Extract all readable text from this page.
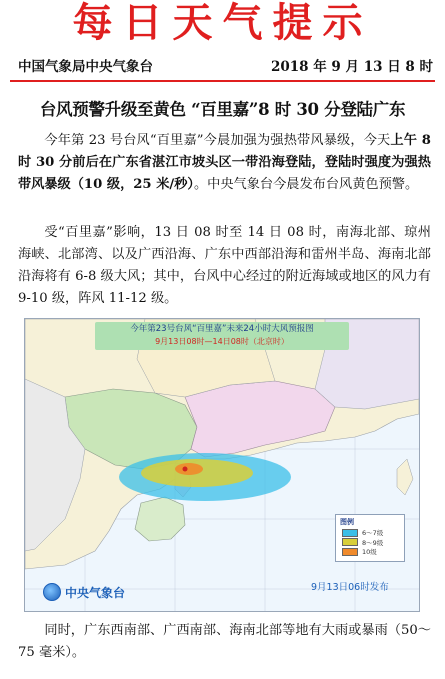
每日天气提示
中国气象局中央气象台	2018 年 9 月 13 日 8 时
台风预警升级至黄色 “百里嘉”8 时 30 分登陆广东

今年第 23 号台风“百里嘉”今晨加强为强热带风暴级，今天上午 8 时 30 分前后在广东省湛江市坡头区一带沿海登陆，登陆时强度为强热带风暴级（10 级，25 米/秒）。中央气象台今晨发布台风黄色预警。

受“百里嘉”影响，13 日 08 时至 14 日 08 时，南海北部、琼州海峡、北部湾、以及广西沿海、广东中西部沿海和雷州半岛、海南北部沿海将有 6-8 级大风；其中，台风中心经过的附近海域或地区的风力有 9-10 级，阵风 11-12 级。

今年第23号台风“百里嘉”未来24小时大风预报图
9月13日08时—14日08时（北京时）
图例
6～7级
8～9级
10级
中央气象台	9月13日06时发布

同时，广东西南部、广西南部、海南北部等地有大雨或暴雨（50～75 毫米）。
